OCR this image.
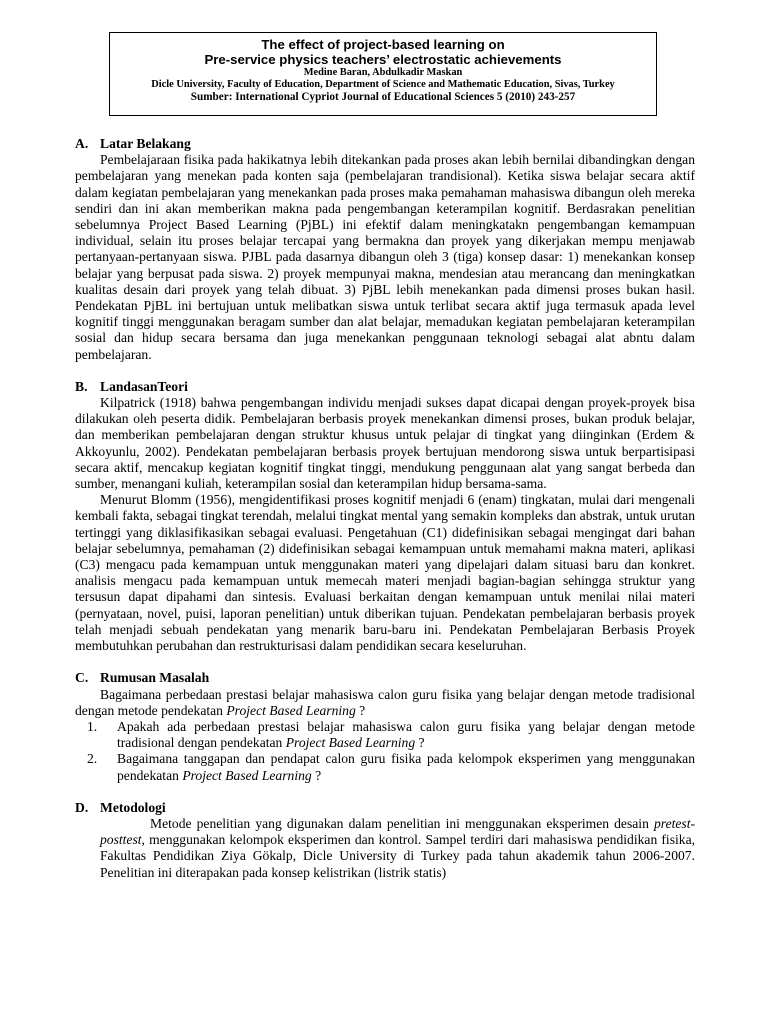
The effect of project-based learning on
Pre-service physics teachers’ electrostatic achievements
Medine Baran, Abdulkadir Maskan
Dicle University, Faculty of Education, Department of Science and Mathematic Education, Sivas, Turkey
Sumber: International Cypriot Journal of Educational Sciences 5 (2010) 243-257

A. Latar Belakang

Pembelajaraan fisika pada hakikatnya lebih ditekankan pada proses akan lebih bernilai dibandingkan dengan pembelajaran yang menekan pada konten saja (pembelajaran trandisional). Ketika siswa belajar secara aktif dalam kegiatan pembelajaran yang menekankan pada proses maka pemahaman mahasiswa dibangun oleh mereka sendiri dan ini akan memberikan makna pada pengembangan keterampilan kognitif. Berdasrakan penelitian sebelumnya Project Based Learning (PjBL) ini efektif dalam meningkatakn pengembangan kemampuan individual, selain itu proses belajar tercapai yang bermakna dan proyek yang dikerjakan mempu menjawab pertanyaan-pertanyaan siswa. PJBL pada dasarnya dibangun oleh 3 (tiga) konsep dasar: 1) menekankan konsep belajar yang berpusat pada siswa. 2) proyek mempunyai makna, mendesian atau merancang dan meningkatkan kualitas desain dari proyek yang telah dibuat. 3) PjBL lebih menekankan pada dimensi proses bukan hasil. Pendekatan PjBL ini bertujuan untuk melibatkan siswa untuk terlibat secara aktif juga termasuk apada level kognitif tinggi menggunakan beragam sumber dan alat belajar, memadukan kegiatan pembelajaran keterampilan sosial dan hidup secara bersama dan juga menekankan penggunaan teknologi sebagai alat abntu dalam pembelajaran.

B. LandasanTeori

Kilpatrick (1918) bahwa pengembangan individu menjadi sukses dapat dicapai dengan proyek-proyek bisa dilakukan oleh peserta didik. Pembelajaran berbasis proyek menekankan dimensi proses, bukan produk belajar, dan memberikan pembelajaran dengan struktur khusus untuk pelajar di tingkat yang diinginkan (Erdem & Akkoyunlu, 2002). Pendekatan pembelajaran berbasis proyek bertujuan mendorong siswa untuk berpartisipasi secara aktif, mencakup kegiatan kognitif tingkat tinggi, mendukung penggunaan alat yang sangat berbeda dan sumber, menangani kuliah, keterampilan sosial dan keterampilan hidup bersama-sama.

Menurut Blomm (1956), mengidentifikasi proses kognitif menjadi 6 (enam) tingkatan, mulai dari mengenali kembali fakta, sebagai tingkat terendah, melalui tingkat mental yang semakin kompleks dan abstrak, untuk urutan tertinggi yang diklasifikasikan sebagai evaluasi. Pengetahuan (C1) didefinisikan sebagai mengingat dari bahan belajar sebelumnya, pemahaman (2) didefinisikan sebagai kemampuan untuk memahami makna materi, aplikasi (C3) mengacu pada kemampuan untuk menggunakan materi yang dipelajari dalam situasi baru dan konkret. analisis mengacu pada kemampuan untuk memecah materi menjadi bagian-bagian sehingga struktur yang tersusun dapat dipahami dan sintesis. Evaluasi berkaitan dengan kemampuan untuk menilai nilai materi (pernyataan, novel, puisi, laporan penelitian) untuk diberikan tujuan. Pendekatan pembelajaran berbasis proyek telah menjadi sebuah pendekatan yang menarik baru-baru ini. Pendekatan Pembelajaran Berbasis Proyek membutuhkan perubahan dan restrukturisasi dalam pendidikan secara keseluruhan.

C. Rumusan Masalah

Bagaimana perbedaan prestasi belajar mahasiswa calon guru fisika yang belajar dengan metode tradisional dengan metode pendekatan Project Based Learning ?

1. Apakah ada perbedaan prestasi belajar mahasiswa calon guru fisika yang belajar dengan metode tradisional dengan pendekatan Project Based Learning ?
2. Bagaimana tanggapan dan pendapat calon guru fisika pada kelompok eksperimen yang menggunakan pendekatan Project Based Learning ?

D. Metodologi

Metode penelitian yang digunakan dalam penelitian ini menggunakan eksperimen desain pretest-posttest, menggunakan kelompok eksperimen dan kontrol. Sampel terdiri dari mahasiswa pendidikan fisika, Fakultas Pendidikan Ziya Gökalp, Dicle University di Turkey pada tahun akademik tahun 2006-2007. Penelitian ini diterapakan pada konsep kelistrikan (listrik statis)
